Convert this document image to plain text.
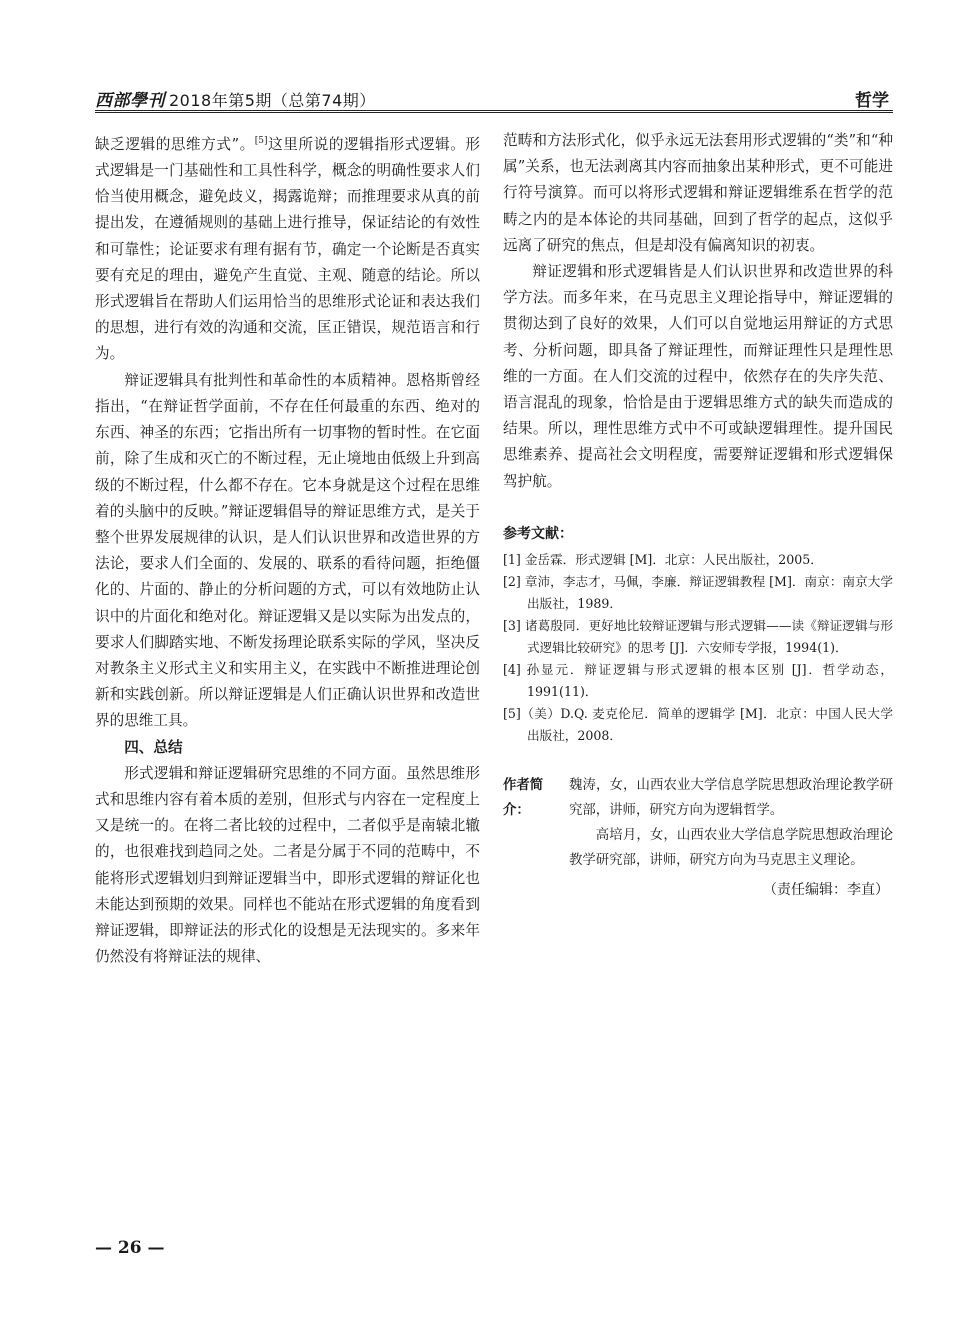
西部學刊 2018年第5期（总第74期）	哲学

缺乏逻辑的思维方式”。[5]这里所说的逻辑指形式逻辑。形式逻辑是一门基础性和工具性科学，概念的明确性要求人们恰当使用概念，避免歧义，揭露诡辩；而推理要求从真的前提出发，在遵循规则的基础上进行推导，保证结论的有效性和可靠性；论证要求有理有据有节，确定一个论断是否真实要有充足的理由，避免产生直觉、主观、随意的结论。所以形式逻辑旨在帮助人们运用恰当的思维形式论证和表达我们的思想，进行有效的沟通和交流，匡正错误，规范语言和行为。

辩证逻辑具有批判性和革命性的本质精神。恩格斯曾经指出，“在辩证哲学面前，不存在任何最重的东西、绝对的东西、神圣的东西；它指出所有一切事物的暂时性。在它面前，除了生成和灭亡的不断过程，无止境地由低级上升到高级的不断过程，什么都不存在。它本身就是这个过程在思维着的头脑中的反映。”辩证逻辑倡导的辩证思维方式，是关于整个世界发展规律的认识，是人们认识世界和改造世界的方法论，要求人们全面的、发展的、联系的看待问题，拒绝僵化的、片面的、静止的分析问题的方式，可以有效地防止认识中的片面化和绝对化。辩证逻辑又是以实际为出发点的，要求人们脚踏实地、不断发扬理论联系实际的学风，坚决反对教条主义形式主义和实用主义，在实践中不断推进理论创新和实践创新。所以辩证逻辑是人们正确认识世界和改造世界的思维工具。

四、总结

形式逻辑和辩证逻辑研究思维的不同方面。虽然思维形式和思维内容有着本质的差别，但形式与内容在一定程度上又是统一的。在将二者比较的过程中，二者似乎是南辕北辙的，也很难找到趋同之处。二者是分属于不同的范畴中，不能将形式逻辑划归到辩证逻辑当中，即形式逻辑的辩证化也未能达到预期的效果。同样也不能站在形式逻辑的角度看到辩证逻辑，即辩证法的形式化的设想是无法现实的。多来年仍然没有将辩证法的规律、

范畴和方法形式化，似乎永远无法套用形式逻辑的“类”和“种属”关系，也无法剥离其内容而抽象出某种形式，更不可能进行符号演算。而可以将形式逻辑和辩证逻辑维系在哲学的范畴之内的是本体论的共同基础，回到了哲学的起点，这似乎远离了研究的焦点，但是却没有偏离知识的初衷。

辩证逻辑和形式逻辑皆是人们认识世界和改造世界的科学方法。而多年来，在马克思主义理论指导中，辩证逻辑的贯彻达到了良好的效果，人们可以自觉地运用辩证的方式思考、分析问题，即具备了辩证理性，而辩证理性只是理性思维的一方面。在人们交流的过程中，依然存在的失序失范、语言混乱的现象，恰恰是由于逻辑思维方式的缺失而造成的结果。所以，理性思维方式中不可或缺逻辑理性。提升国民思维素养、提高社会文明程度，需要辩证逻辑和形式逻辑保驾护航。

参考文献：

[1] 金岳霖．形式逻辑 [M]．北京：人民出版社，2005．

[2] 章沛，李志才，马佩，李廉．辩证逻辑教程 [M]．南京：南京大学出版社，1989．

[3] 诸葛殷同．更好地比较辩证逻辑与形式逻辑——读《辩证逻辑与形式逻辑比较研究》的思考 [J]．六安师专学报，1994(1)．

[4] 孙显元．辩证逻辑与形式逻辑的根本区别 [J]．哲学动态，1991(11)．

[5]（美）D.Q. 麦克伦尼．简单的逻辑学 [M]．北京：中国人民大学出版社，2008．

作者简介：
魏涛，女，山西农业大学信息学院思想政治理论教学研究部，讲师，研究方向为逻辑哲学。
高培月，女，山西农业大学信息学院思想政治理论教学研究部，讲师，研究方向为马克思主义理论。
（责任编辑：李直）
— 26 —
